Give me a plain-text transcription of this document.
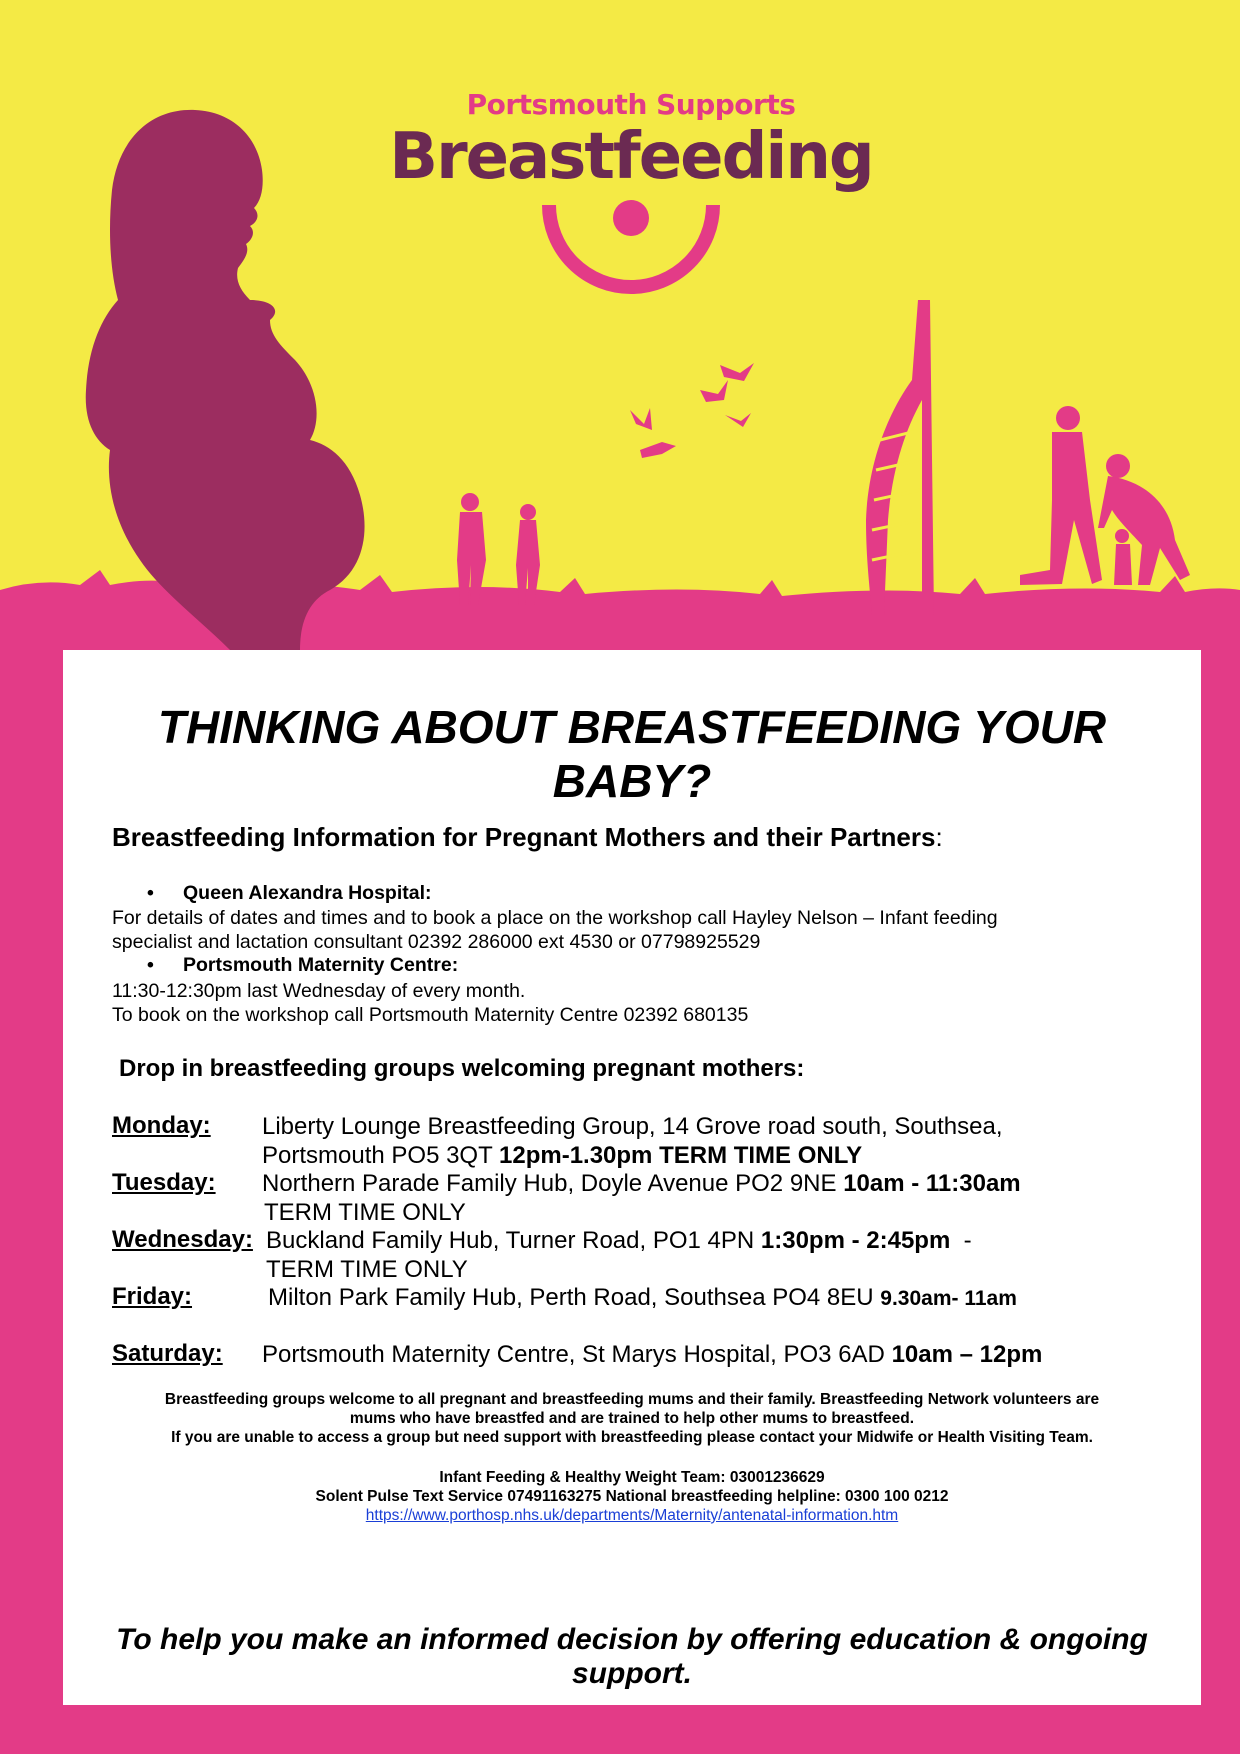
Portsmouth Supports
Breastfeeding
THINKING ABOUT BREASTFEEDING YOUR
BABY?
Breastfeeding Information for Pregnant Mothers and their Partners:
• Queen Alexandra Hospital:
For details of dates and times and to book a place on the workshop call Hayley Nelson – Infant feeding
specialist and lactation consultant 02392 286000 ext 4530 or 07798925529
• Portsmouth Maternity Centre:
11:30-12:30pm last Wednesday of every month.
To book on the workshop call Portsmouth Maternity Centre 02392 680135
Drop in breastfeeding groups welcoming pregnant mothers:
Monday: Liberty Lounge Breastfeeding Group, 14 Grove road south, Southsea,
Portsmouth PO5 3QT 12pm-1.30pm TERM TIME ONLY
Tuesday: Northern Parade Family Hub, Doyle Avenue PO2 9NE 10am - 11:30am
TERM TIME ONLY
Wednesday: Buckland Family Hub, Turner Road, PO1 4PN 1:30pm - 2:45pm  -
TERM TIME ONLY
Friday:	Milton Park Family Hub, Perth Road, Southsea PO4 8EU 9.30am- 11am
Saturday: Portsmouth Maternity Centre, St Marys Hospital, PO3 6AD 10am – 12pm
Breastfeeding groups welcome to all pregnant and breastfeeding mums and their family. Breastfeeding Network volunteers are
mums who have breastfed and are trained to help other mums to breastfeed.
If you are unable to access a group but need support with breastfeeding please contact your Midwife or Health Visiting Team.
Infant Feeding & Healthy Weight Team: 03001236629
Solent Pulse Text Service 07491163275 National breastfeeding helpline: 0300 100 0212
https://www.porthosp.nhs.uk/departments/Maternity/antenatal-information.htm
To help you make an informed decision by offering education & ongoing
support.
